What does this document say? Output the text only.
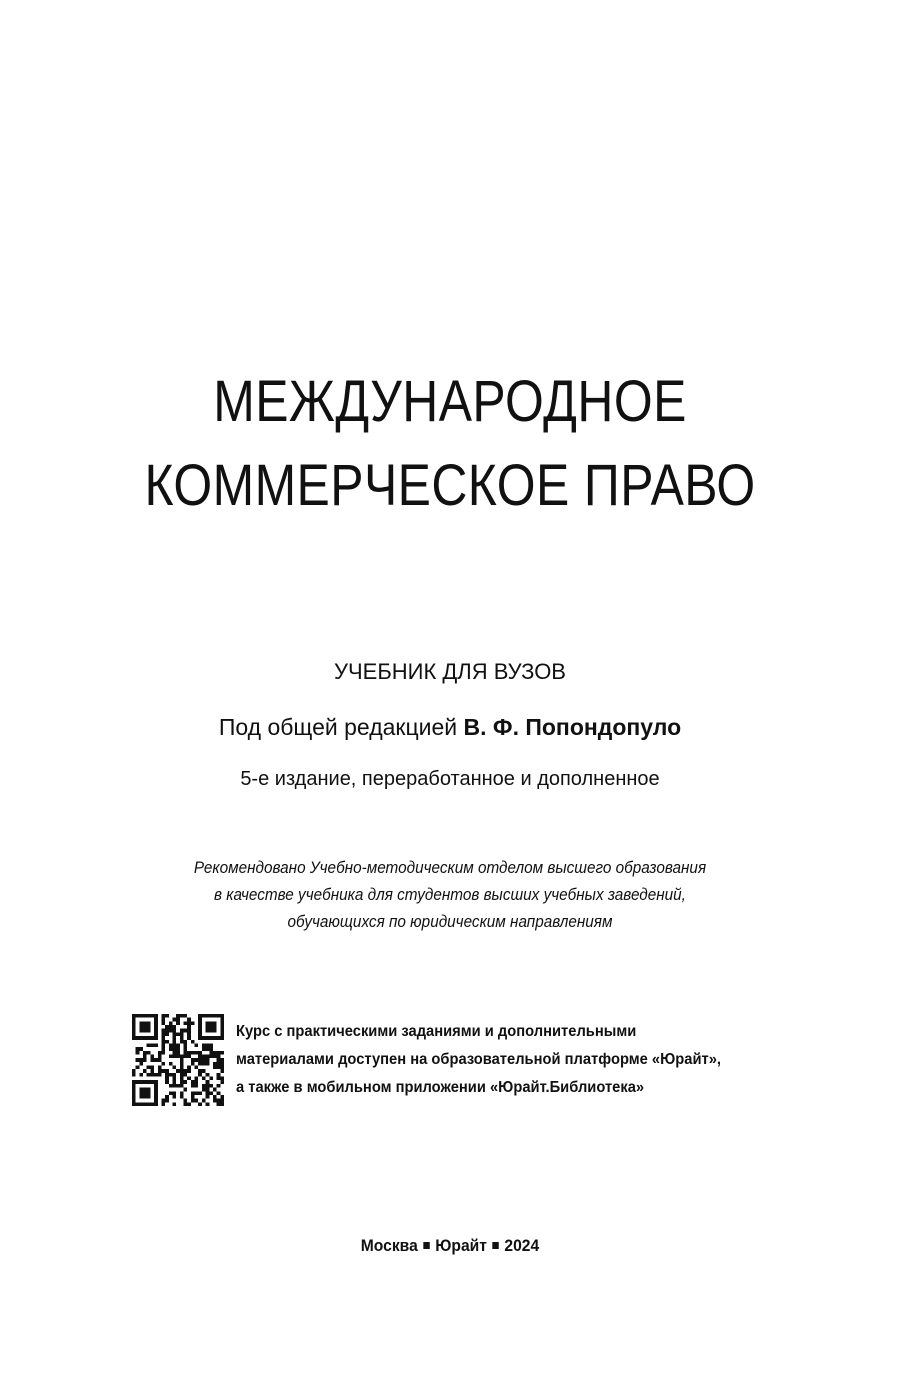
МЕЖДУНАРОДНОЕ
КОММЕРЧЕСКОЕ ПРАВО
УЧЕБНИК ДЛЯ ВУЗОВ
Под общей редакцией В. Ф. Попондопуло
5-е издание, переработанное и дополненное
Рекомендовано Учебно-методическим отделом высшего образования
в качестве учебника для студентов высших учебных заведений,
обучающихся по юридическим направлениям
Курс с практическими заданиями и дополнительными
материалами доступен на образовательной платформе «Юрайт»,
а также в мобильном приложении «Юрайт.Библиотека»
Москва Юрайт 2024
